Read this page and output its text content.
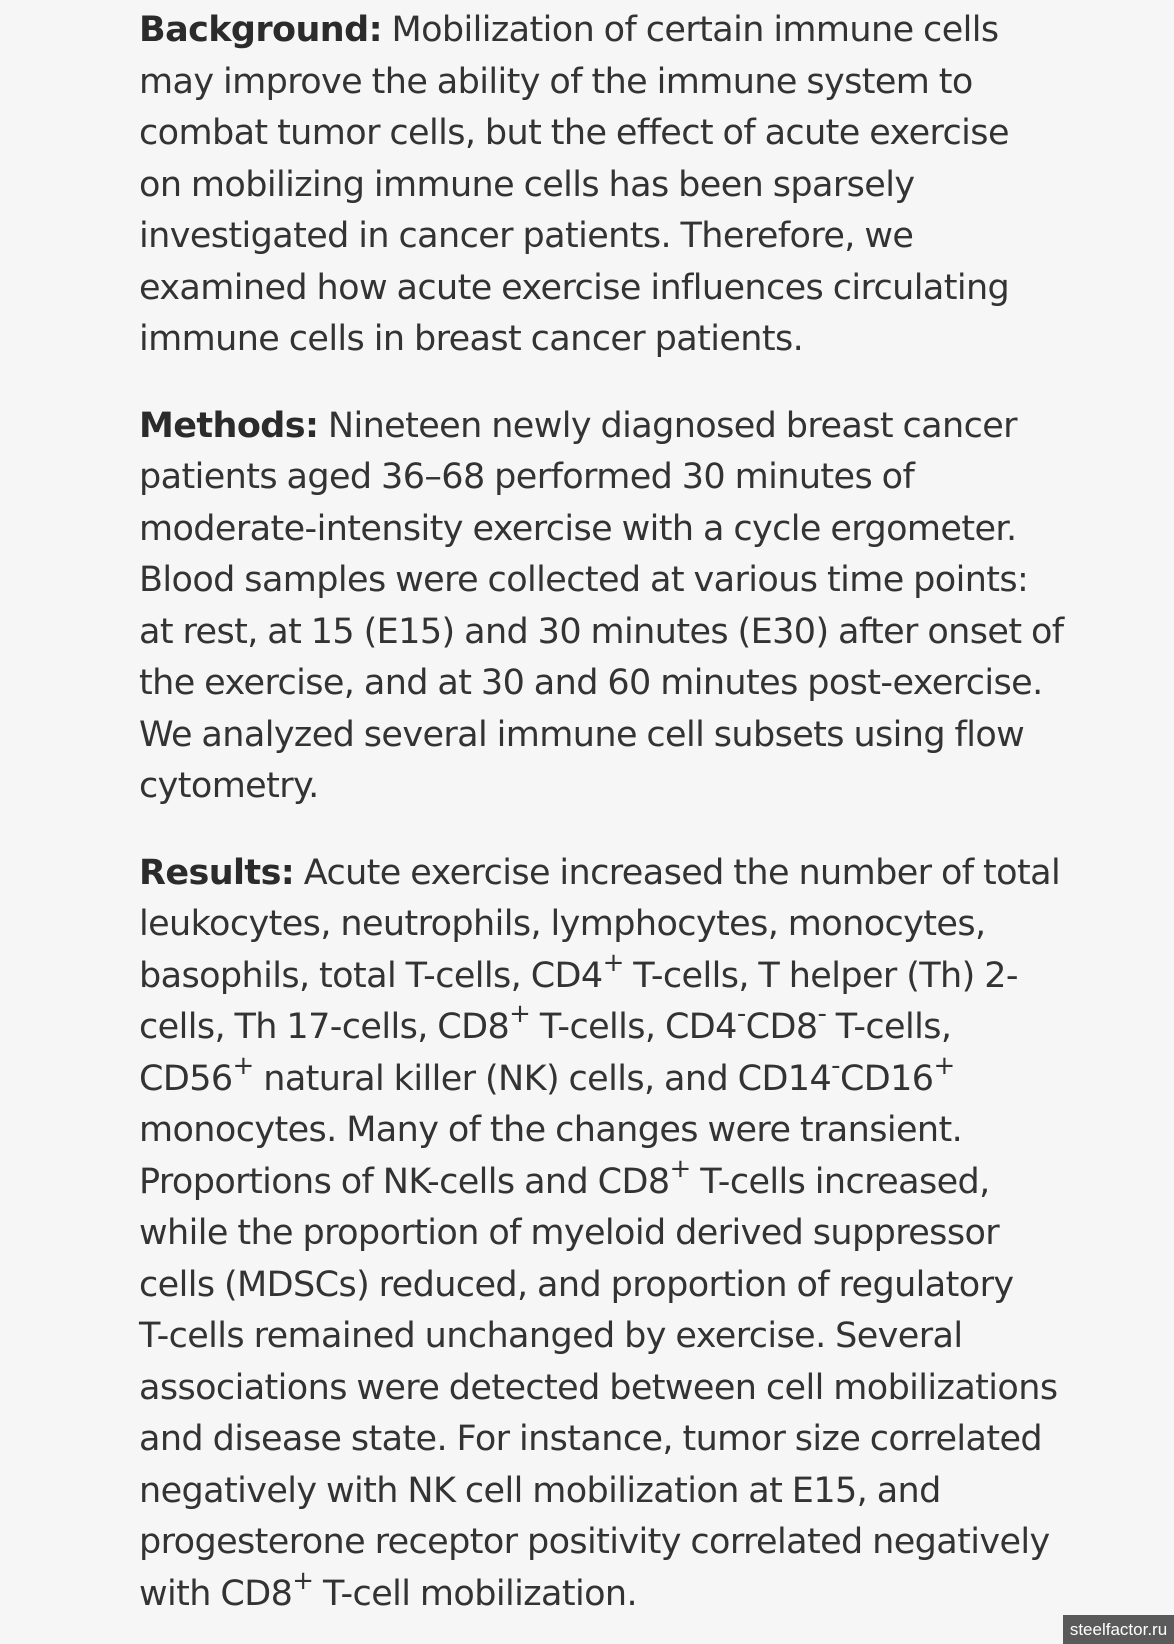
Background: Mobilization of certain immune cells
may improve the ability of the immune system to
combat tumor cells, but the effect of acute exercise
on mobilizing immune cells has been sparsely
investigated in cancer patients. Therefore, we
examined how acute exercise influences circulating
immune cells in breast cancer patients.

Methods: Nineteen newly diagnosed breast cancer
patients aged 36–68 performed 30 minutes of
moderate-intensity exercise with a cycle ergometer.
Blood samples were collected at various time points:
at rest, at 15 (E15) and 30 minutes (E30) after onset of
the exercise, and at 30 and 60 minutes post-exercise.
We analyzed several immune cell subsets using flow
cytometry.

Results: Acute exercise increased the number of total
leukocytes, neutrophils, lymphocytes, monocytes,
basophils, total T-cells, CD4+ T-cells, T helper (Th) 2-
cells, Th 17-cells, CD8+ T-cells, CD4-CD8- T-cells,
CD56+ natural killer (NK) cells, and CD14-CD16+
monocytes. Many of the changes were transient.
Proportions of NK-cells and CD8+ T-cells increased,
while the proportion of myeloid derived suppressor
cells (MDSCs) reduced, and proportion of regulatory
T-cells remained unchanged by exercise. Several
associations were detected between cell mobilizations
and disease state. For instance, tumor size correlated
negatively with NK cell mobilization at E15, and
progesterone receptor positivity correlated negatively
with CD8+ T-cell mobilization.

steelfactor.ru
